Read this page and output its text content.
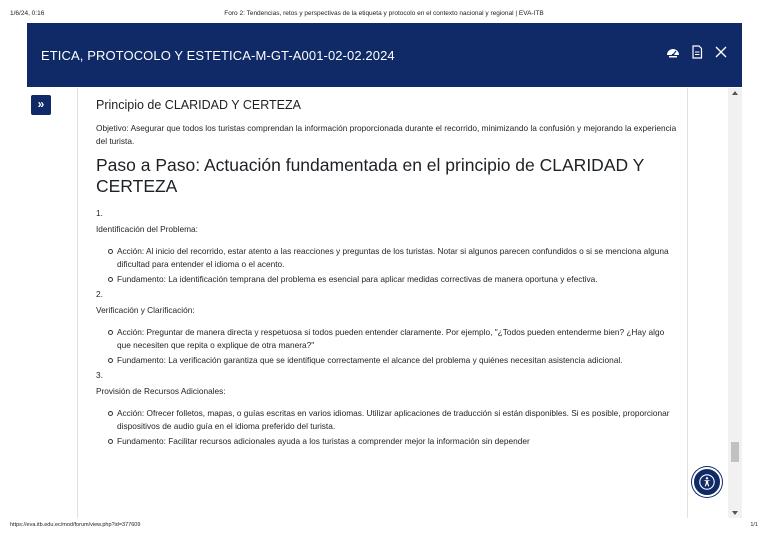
1/6/24, 0:16	Foro 2: Tendencias, retos y perspectivas de la etiqueta y protocolo en el contexto nacional y regional | EVA-ITB
ETICA, PROTOCOLO Y ESTETICA-M-GT-A001-02-02.2024
»	Principio de CLARIDAD Y CERTEZA

Objetivo: Asegurar que todos los turistas comprendan la información proporcionada durante el recorrido, minimizando la confusión y mejorando la experiencia del turista.

Paso a Paso: Actuación fundamentada en el principio de CLARIDAD Y CERTEZA
1.
Identificación del Problema:
Acción: Al inicio del recorrido, estar atento a las reacciones y preguntas de los turistas. Notar si algunos parecen confundidos o si se menciona alguna dificultad para entender el idioma o el acento.
Fundamento: La identificación temprana del problema es esencial para aplicar medidas correctivas de manera oportuna y efectiva.
2.
Verificación y Clarificación:
Acción: Preguntar de manera directa y respetuosa si todos pueden entender claramente. Por ejemplo, "¿Todos pueden entenderme bien? ¿Hay algo que necesiten que repita o explique de otra manera?"
Fundamento: La verificación garantiza que se identifique correctamente el alcance del problema y quiénes necesitan asistencia adicional.
3.
Provisión de Recursos Adicionales:
Acción: Ofrecer folletos, mapas, o guías escritas en varios idiomas. Utilizar aplicaciones de traducción si están disponibles. Si es posible, proporcionar dispositivos de audio guía en el idioma preferido del turista.
Fundamento: Facilitar recursos adicionales ayuda a los turistas a comprender mejor la información sin depender
https://eva.itb.edu.ec/mod/forum/view.php?id=377609	1/1
